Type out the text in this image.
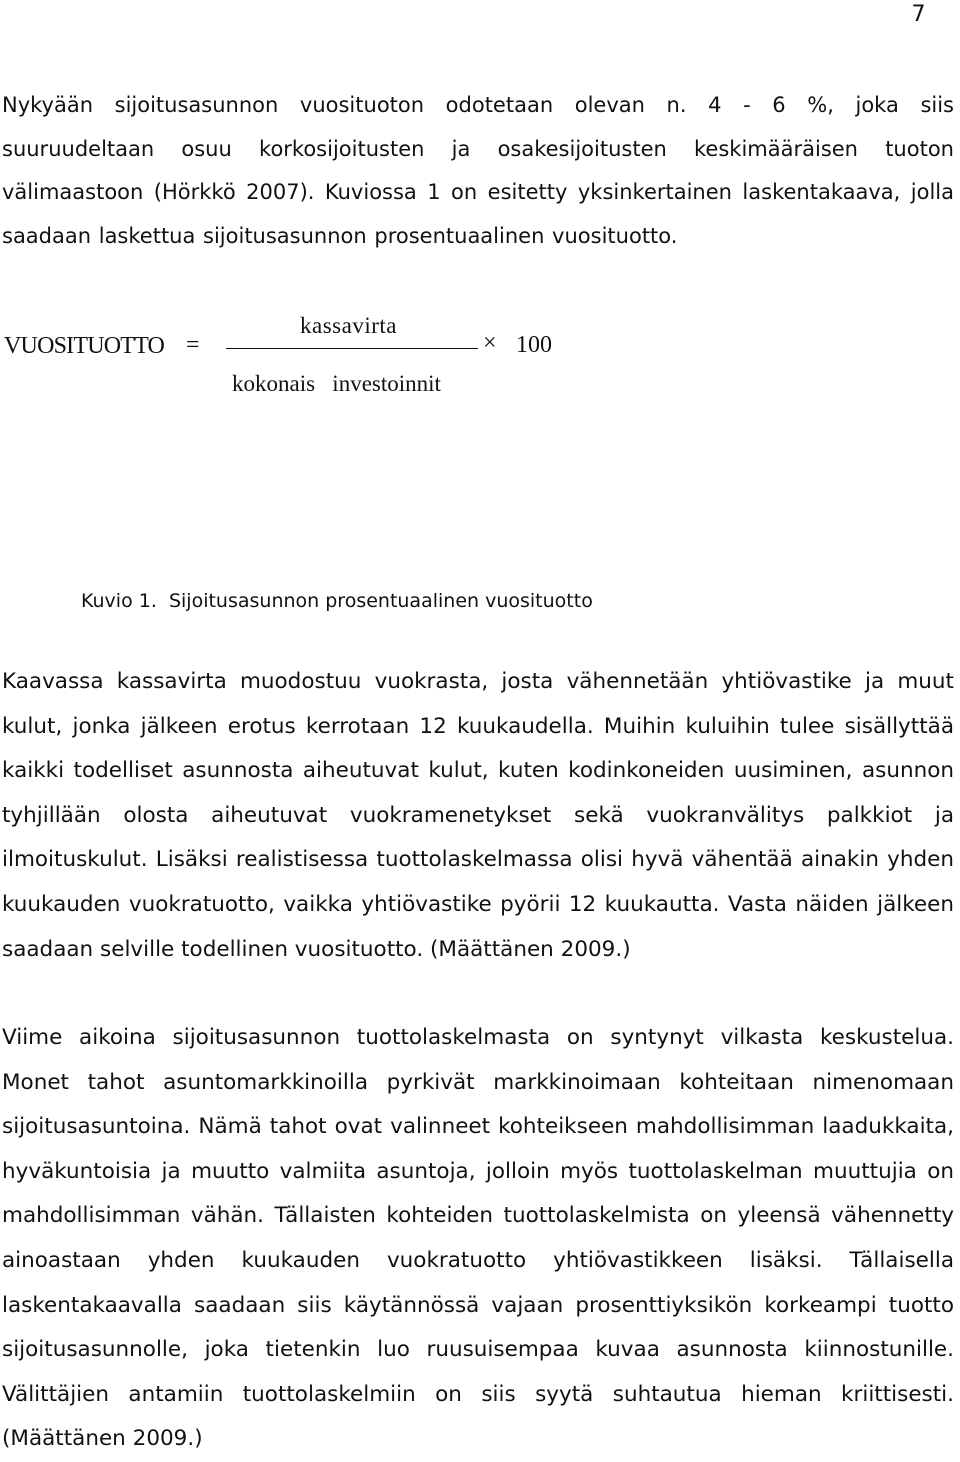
7

Nykyään sijoitusasunnon vuosituoton odotetaan olevan n. 4 - 6 %, joka siis suuruudeltaan osuu korkosijoitusten ja osakesijoitusten keskimääräisen tuoton välimaastoon (Hörkkö 2007). Kuviossa 1 on esitetty yksinkertainen laskentakaava, jolla saadaan laskettua sijoitusasunnon prosentuaalinen vuosituotto.

VUOSITUOTTO =
kassavirta
kokonais   investoinnit
× 100
Kuvio 1.  Sijoitusasunnon prosentuaalinen vuosituotto

Kaavassa kassavirta muodostuu vuokrasta, josta vähennetään yhtiövastike ja muut kulut, jonka jälkeen erotus kerrotaan 12 kuukaudella. Muihin kuluihin tulee sisällyttää kaikki todelliset asunnosta aiheutuvat kulut, kuten kodinkoneiden uusiminen, asunnon tyhjillään olosta aiheutuvat vuokramenetykset sekä vuokranvälitys palkkiot ja ilmoituskulut. Lisäksi realistisessa tuottolaskelmassa olisi hyvä vähentää ainakin yhden kuukauden vuokratuotto, vaikka yhtiövastike pyörii 12 kuukautta. Vasta näiden jälkeen saadaan selville todellinen vuosituotto. (Määttänen 2009.)

Viime aikoina sijoitusasunnon tuottolaskelmasta on syntynyt vilkasta keskustelua. Monet tahot asuntomarkkinoilla pyrkivät markkinoimaan kohteitaan nimenomaan sijoitusasuntoina. Nämä tahot ovat valinneet kohteikseen mahdollisimman laadukkaita, hyväkuntoisia ja muutto valmiita asuntoja, jolloin myös tuottolaskelman muuttujia on mahdollisimman vähän. Tällaisten kohteiden tuottolaskelmista on yleensä vähennetty ainoastaan yhden kuukauden vuokratuotto yhtiövastikkeen lisäksi. Tällaisella laskentakaavalla saadaan siis käytännössä vajaan prosenttiyksikön korkeampi tuotto sijoitusasunnolle, joka tietenkin luo ruusuisempaa kuvaa asunnosta kiinnostunille. Välittäjien antamiin tuottolaskelmiin on siis syytä suhtautua hieman kriittisesti. (Määttänen 2009.)
